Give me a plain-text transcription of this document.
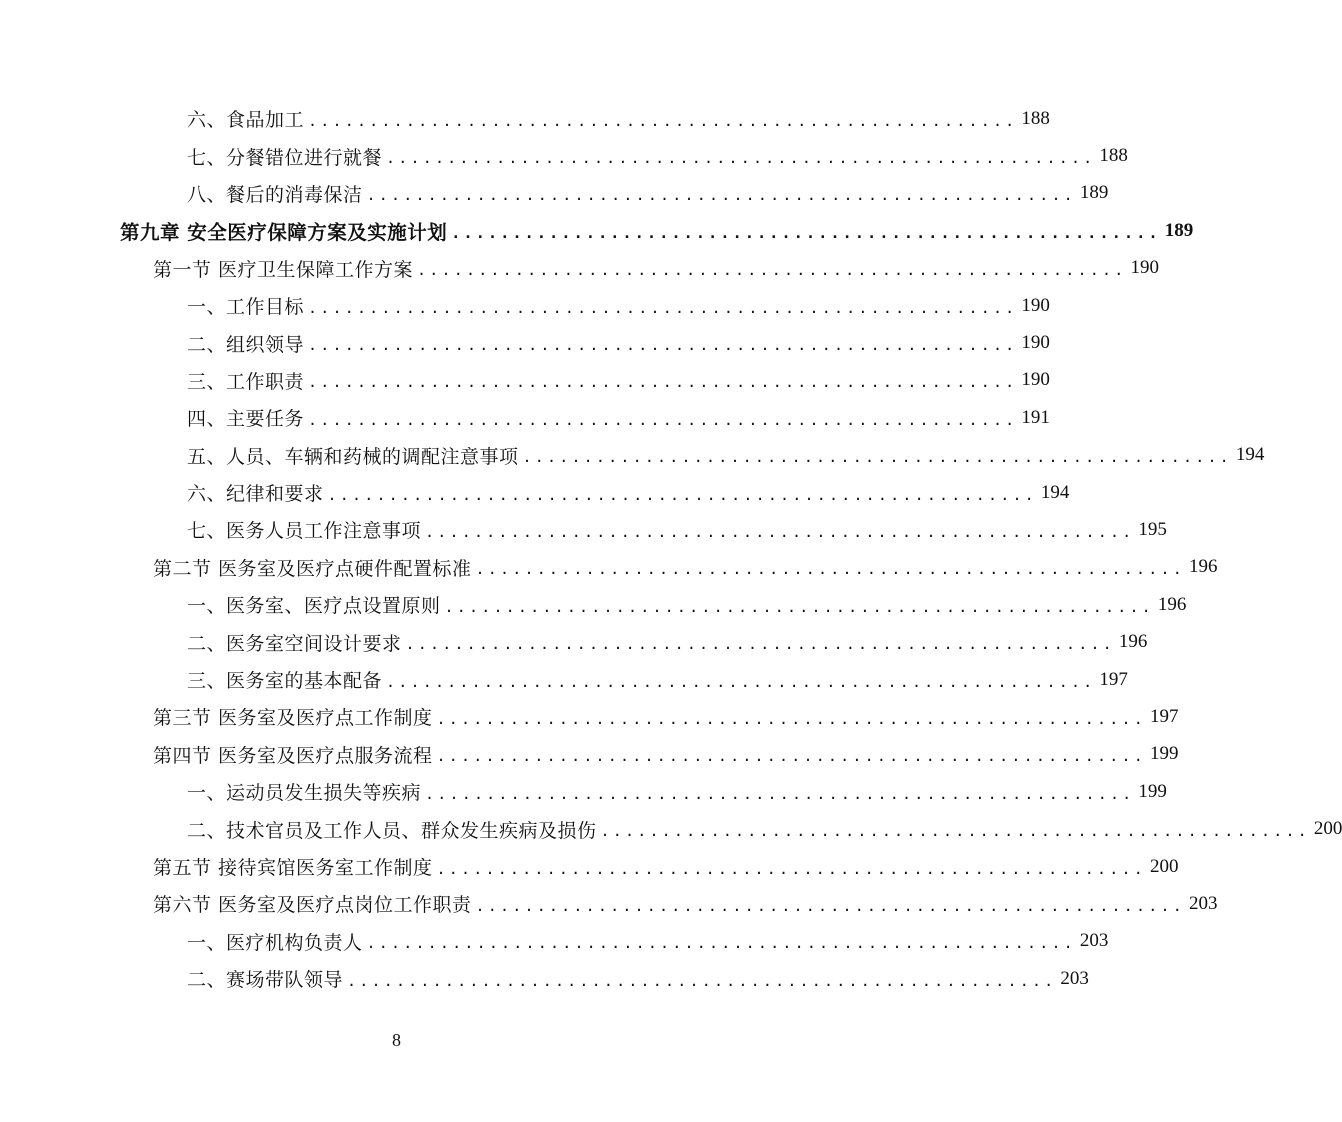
六、食品加工 .......................................................... 188
七、分餐错位进行就餐 .......................................................... 188
八、餐后的消毒保洁 .......................................................... 189
第九章 安全医疗保障方案及实施计划 .......................................................... 189
第一节 医疗卫生保障工作方案 .......................................................... 190
一、工作目标 .......................................................... 190
二、组织领导 .......................................................... 190
三、工作职责 .......................................................... 190
四、主要任务 .......................................................... 191
五、人员、车辆和药械的调配注意事项 .......................................................... 194
六、纪律和要求 .......................................................... 194
七、医务人员工作注意事项 .......................................................... 195
第二节 医务室及医疗点硬件配置标准 .......................................................... 196
一、医务室、医疗点设置原则 .......................................................... 196
二、医务室空间设计要求 .......................................................... 196
三、医务室的基本配备 .......................................................... 197
第三节 医务室及医疗点工作制度 .......................................................... 197
第四节 医务室及医疗点服务流程 .......................................................... 199
一、运动员发生损失等疾病 .......................................................... 199
二、技术官员及工作人员、群众发生疾病及损伤 .......................................................... 200
第五节 接待宾馆医务室工作制度 .......................................................... 200
第六节 医务室及医疗点岗位工作职责 .......................................................... 203
一、医疗机构负责人 .......................................................... 203
二、赛场带队领导 .......................................................... 203
8
